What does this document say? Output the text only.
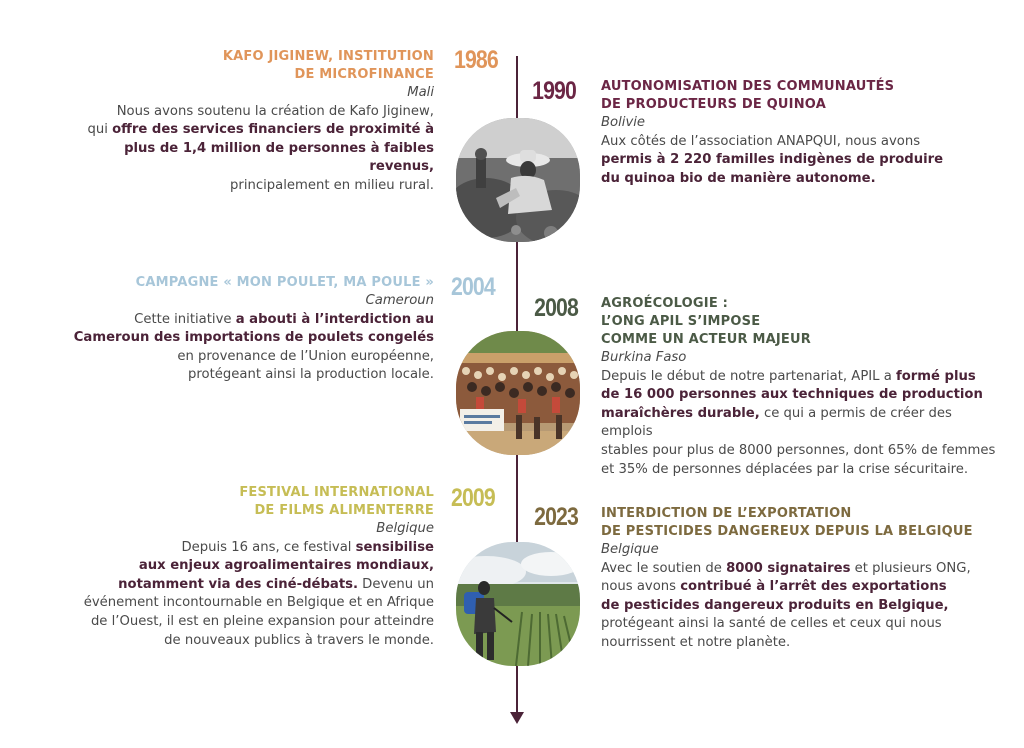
1986
1990
2004
2008
2009
2023
KAFO JIGINEW, INSTITUTION
DE MICROFINANCE
Mali
Nous avons soutenu la création de Kafo Jiginew,
qui offre des services financiers de proximité à
plus de 1,4 million de personnes à faibles revenus,
principalement en milieu rural.
AUTONOMISATION DES COMMUNAUTÉS
DE PRODUCTEURS DE QUINOA
Bolivie
Aux côtés de l’association ANAPQUI, nous avons
permis à 2 220 familles indigènes de produire
du quinoa bio de manière autonome.
CAMPAGNE « MON POULET, MA POULE »
Cameroun
Cette initiative a abouti à l’interdiction au
Cameroun des importations de poulets congelés
en provenance de l’Union européenne,
protégeant ainsi la production locale.
AGROÉCOLOGIE :
L’ONG APIL S’IMPOSE
COMME UN ACTEUR MAJEUR
Burkina Faso
Depuis le début de notre partenariat, APIL a formé plus
de 16 000 personnes aux techniques de production
maraîchères durable, ce qui a permis de créer des emplois
stables pour plus de 8000 personnes, dont 65% de femmes
et 35% de personnes déplacées par la crise sécuritaire.
FESTIVAL INTERNATIONAL
DE FILMS ALIMENTERRE
Belgique
Depuis 16 ans, ce festival sensibilise
aux enjeux agroalimentaires mondiaux,
notamment via des ciné-débats. Devenu un
événement incontournable en Belgique et en Afrique
de l’Ouest, il est en pleine expansion pour atteindre
de nouveaux publics à travers le monde.
INTERDICTION DE L’EXPORTATION
DE PESTICIDES DANGEREUX DEPUIS LA BELGIQUE
Belgique
Avec le soutien de 8000 signataires et plusieurs ONG,
nous avons contribué à l’arrêt des exportations
de pesticides dangereux produits en Belgique,
protégeant ainsi la santé de celles et ceux qui nous
nourrissent et notre planète.
